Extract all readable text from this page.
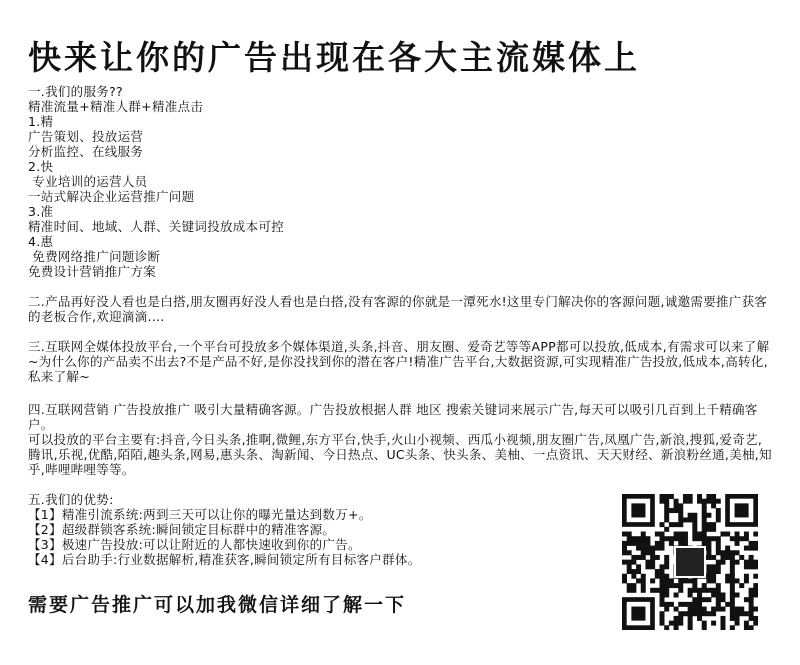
快来让你的广告出现在各大主流媒体上
一.我们的服务??
精准流量+精准人群+精准点击
1.精
广告策划、投放运营
分析监控、在线服务
2.快
专业培训的运营人员
一站式解决企业运营推广问题
3.准
精准时间、地域、人群、关键词投放成本可控
4.惠
免费网络推广问题诊断
免费设计营销推广方案
二.产品再好没人看也是白搭,朋友圈再好没人看也是白搭,没有客源的你就是一潭死水!这里专门解决你的客源问题,诚邀需要推广获客的老板合作,欢迎滴滴....
三.互联网全媒体投放平台,一个平台可投放多个媒体渠道,头条,抖音、朋友圈、爱奇艺等等APP都可以投放,低成本,有需求可以来了解~为什么你的产品卖不出去?不是产品不好,是你没找到你的潜在客户!精准广告平台,大数据资源,可实现精准广告投放,低成本,高转化,私来了解~
四.互联网营销 广告投放推广 吸引大量精确客源。广告投放根据人群 地区 搜索关键词来展示广告,每天可以吸引几百到上千精确客户。
可以投放的平台主要有:抖音,今日头条,推啊,微鲤,东方平台,快手,火山小视频、西瓜小视频,朋友圈广告,凤凰广告,新浪,搜狐,爱奇艺,腾讯,乐视,优酷,陌陌,趣头条,网易,惠头条、淘新闻、今日热点、UC头条、快头条、美柚、一点资讯、天天财经、新浪粉丝通,美柚,知乎,哔哩哔哩等等。
五.我们的优势:
【1】精准引流系统:两到三天可以让你的曝光量达到数万+。
【2】超级群锁客系统:瞬间锁定目标群中的精准客源。
【3】极速广告投放:可以让附近的人都快速收到你的广告。
【4】后台助手:行业数据解析,精准获客,瞬间锁定所有目标客户群体。
需要广告推广可以加我微信详细了解一下
